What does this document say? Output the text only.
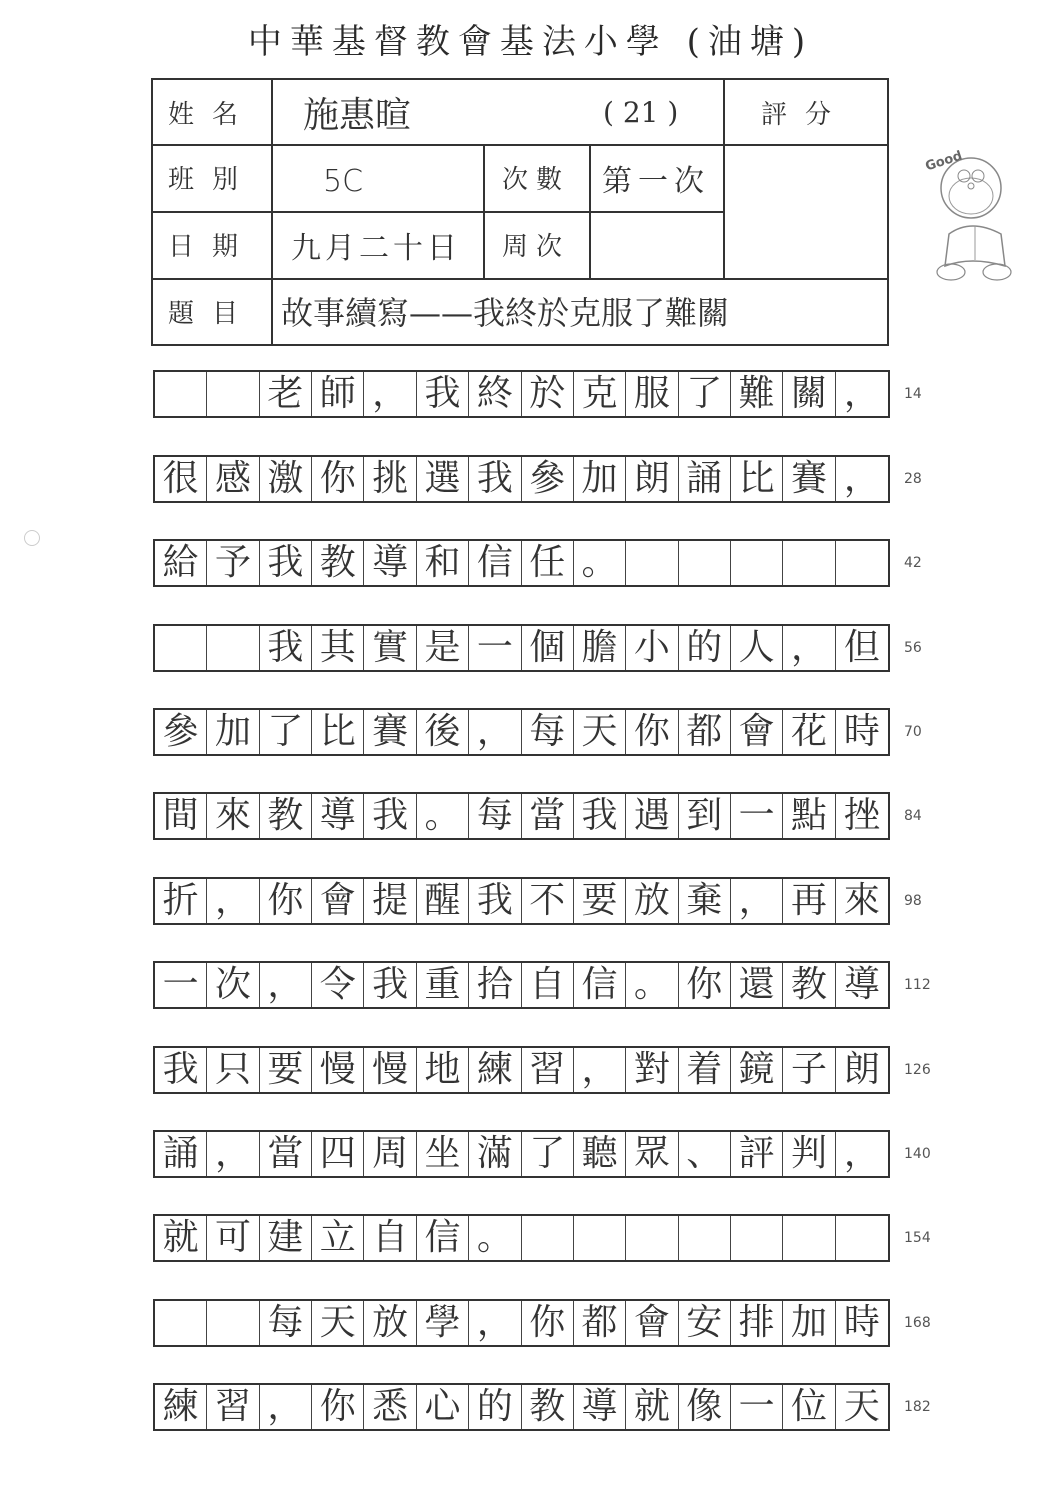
中華基督教會基法小學 (油塘)
姓名	施惠暄	( 21 )	評分
班別	5C	次數	第一次
日期	九月二十日	周次
題目 故事續寫——我終於克服了難關
Good
老 師 ， 我 終 於 克 服 了 難 關 ，	14
很 感 激 你 挑 選 我 參 加 朗 誦 比 賽 ，	28
給 予 我 教 導 和 信 任 。	42
我 其 實 是 一 個 膽 小 的 人 ， 但	56
參 加 了 比 賽 後 ， 每 天 你 都 會 花 時	70
間 來 教 導 我 。 每 當 我 遇 到 一 點 挫	84
折 ， 你 會 提 醒 我 不 要 放 棄 ， 再 來	98
一 次 ， 令 我 重 拾 自 信 。 你 還 教 導	112
我 只 要 慢 慢 地 練 習 ， 對 着 鏡 子 朗	126
誦 ， 當 四 周 坐 滿 了 聽 眾 、 評 判 ，	140
就 可 建 立 自 信 。	154
每 天 放 學 ， 你 都 會 安 排 加 時	168
練 習 ， 你 悉 心 的 教 導 就 像 一 位 天	182
